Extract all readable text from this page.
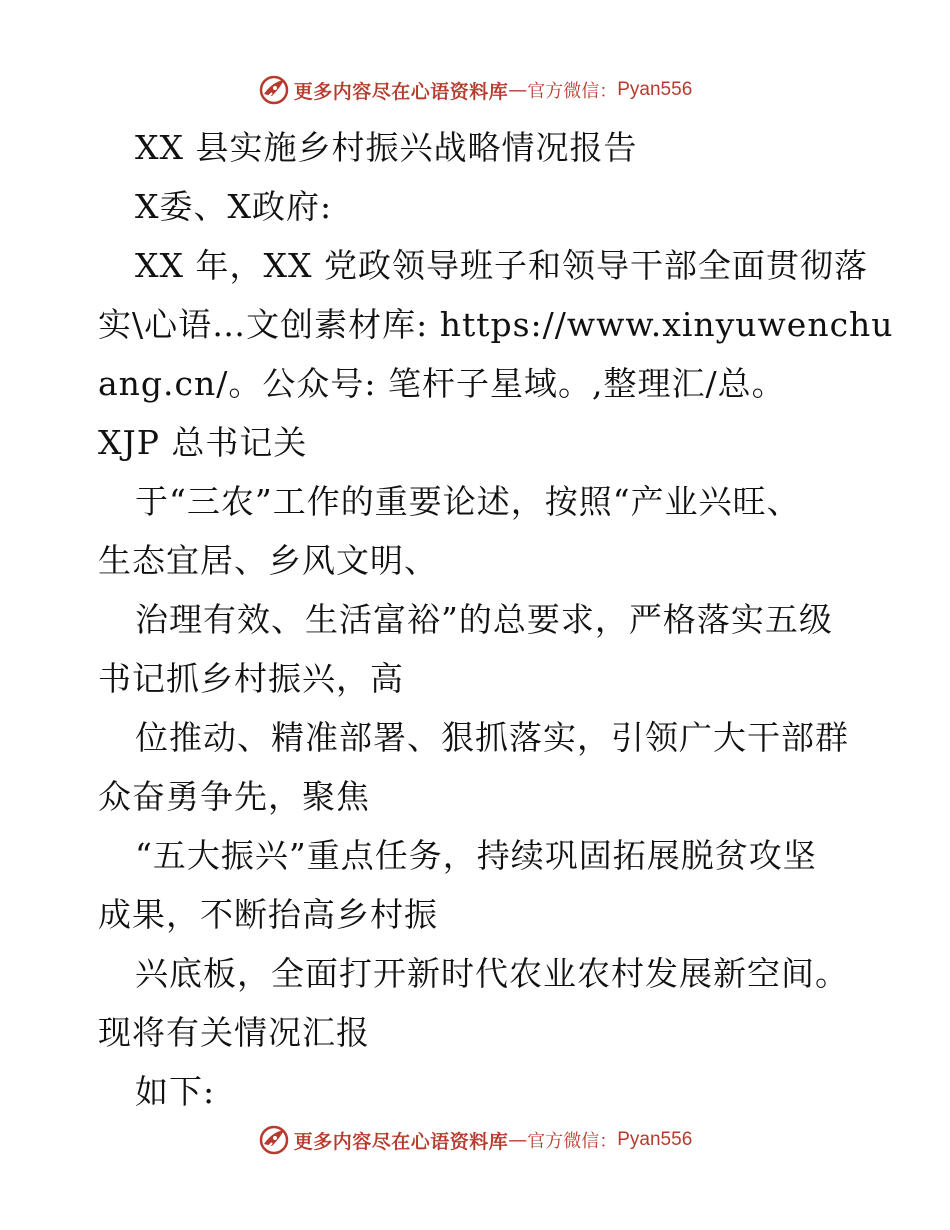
更多内容尽在心语资料库 — 官方微信： Pyan556
XX 县实施乡村振兴战略情况报告
X委、X政府:
XX 年，XX 党政领导班子和领导干部全面贯彻落
实\心语…文创素材库: https://www.xinyuwenchu
ang.cn/。公众号: 笔杆子星域。,整理汇/总。
XJP 总书记关
于“三农”工作的重要论述，按照“产业兴旺、
生态宜居、乡风文明、
治理有效、生活富裕”的总要求，严格落实五级
书记抓乡村振兴，高
位推动、精准部署、狠抓落实，引领广大干部群
众奋勇争先，聚焦
“五大振兴”重点任务，持续巩固拓展脱贫攻坚
成果，不断抬高乡村振
兴底板，全面打开新时代农业农村发展新空间。
现将有关情况汇报
如下:
更多内容尽在心语资料库 — 官方微信： Pyan556
